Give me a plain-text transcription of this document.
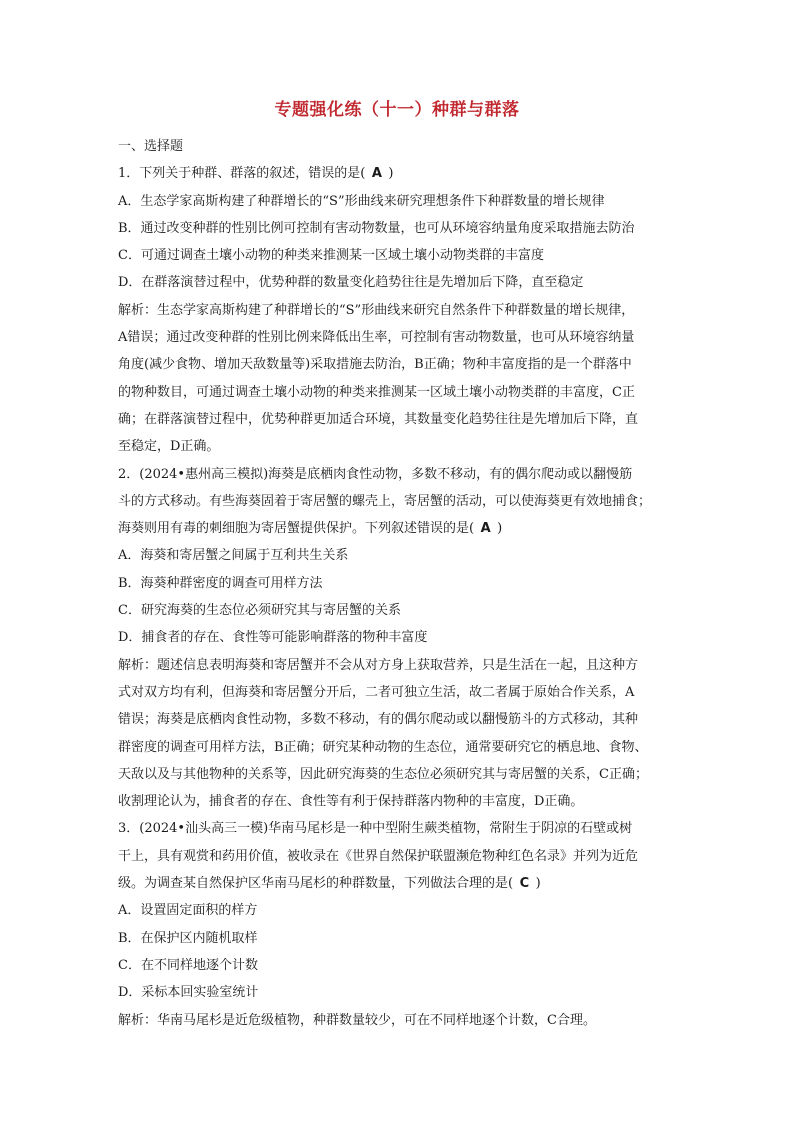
专题强化练（十一）种群与群落
一、选择题
1．下列关于种群、群落的叙述，错误的是(  A  )
A．生态学家高斯构建了种群增长的“S”形曲线来研究理想条件下种群数量的增长规律
B．通过改变种群的性别比例可控制有害动物数量，也可从环境容纳量角度采取措施去防治
C．可通过调查土壤小动物的种类来推测某一区域土壤小动物类群的丰富度
D．在群落演替过程中，优势种群的数量变化趋势往往是先增加后下降，直至稳定
解析：生态学家高斯构建了种群增长的“S”形曲线来研究自然条件下种群数量的增长规律，
A错误；通过改变种群的性别比例来降低出生率，可控制有害动物数量，也可从环境容纳量
角度(减少食物、增加天敌数量等)采取措施去防治，B正确；物种丰富度指的是一个群落中
的物种数目，可通过调查土壤小动物的种类来推测某一区域土壤小动物类群的丰富度，C正
确；在群落演替过程中，优势种群更加适合环境，其数量变化趋势往往是先增加后下降，直
至稳定，D正确。
2．(2024•惠州高三模拟)海葵是底栖肉食性动物，多数不移动，有的偶尔爬动或以翻慢筋
斗的方式移动。有些海葵固着于寄居蟹的螺壳上，寄居蟹的活动，可以使海葵更有效地捕食；
海葵则用有毒的刺细胞为寄居蟹提供保护。下列叙述错误的是(  A  )
A．海葵和寄居蟹之间属于互利共生关系
B．海葵种群密度的调查可用样方法
C．研究海葵的生态位必须研究其与寄居蟹的关系
D．捕食者的存在、食性等可能影响群落的物种丰富度
解析：题述信息表明海葵和寄居蟹并不会从对方身上获取营养，只是生活在一起，且这种方
式对双方均有利，但海葵和寄居蟹分开后，二者可独立生活，故二者属于原始合作关系，A
错误；海葵是底栖肉食性动物，多数不移动，有的偶尔爬动或以翻慢筋斗的方式移动，其种
群密度的调查可用样方法，B正确；研究某种动物的生态位，通常要研究它的栖息地、食物、
天敌以及与其他物种的关系等，因此研究海葵的生态位必须研究其与寄居蟹的关系，C正确；
收割理论认为，捕食者的存在、食性等有利于保持群落内物种的丰富度，D正确。
3．(2024•汕头高三一模)华南马尾杉是一种中型附生蕨类植物，常附生于阴凉的石壁或树
干上，具有观赏和药用价值，被收录在《世界自然保护联盟濒危物种红色名录》并列为近危
级。为调查某自然保护区华南马尾杉的种群数量，下列做法合理的是(  C  )
A．设置固定面积的样方
B．在保护区内随机取样
C．在不同样地逐个计数
D．采标本回实验室统计
解析：华南马尾杉是近危级植物，种群数量较少，可在不同样地逐个计数，C合理。
